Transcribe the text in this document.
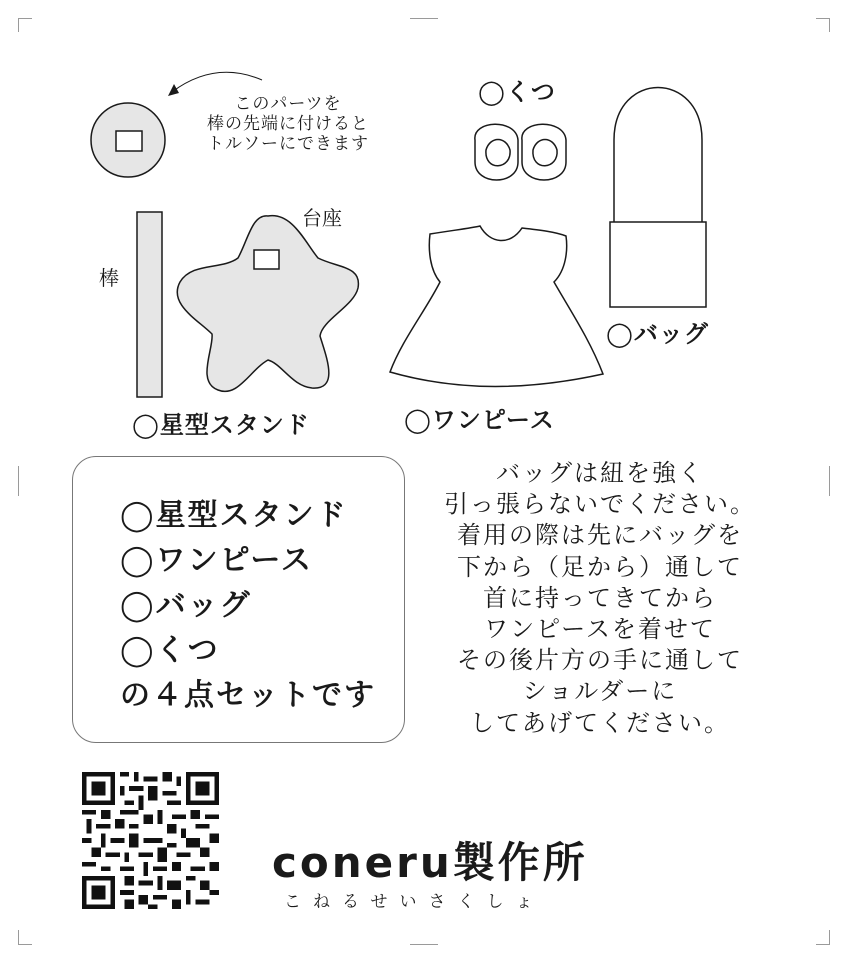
このパーツを
棒の先端に付けると
トルソーにできます
棒
台座
◯くつ
◯バッグ
◯星型スタンド	◯ワンピース
◯星型スタンド
◯ワンピース
◯バッグ
◯くつ
の４点セットです
バッグは紐を強く
引っ張らないでください。
着用の際は先にバッグを
下から（足から）通して
首に持ってきてから
ワンピースを着せて
その後片方の手に通して
ショルダーに
してあげてください。
coneru製作所
こねるせいさくしょ
